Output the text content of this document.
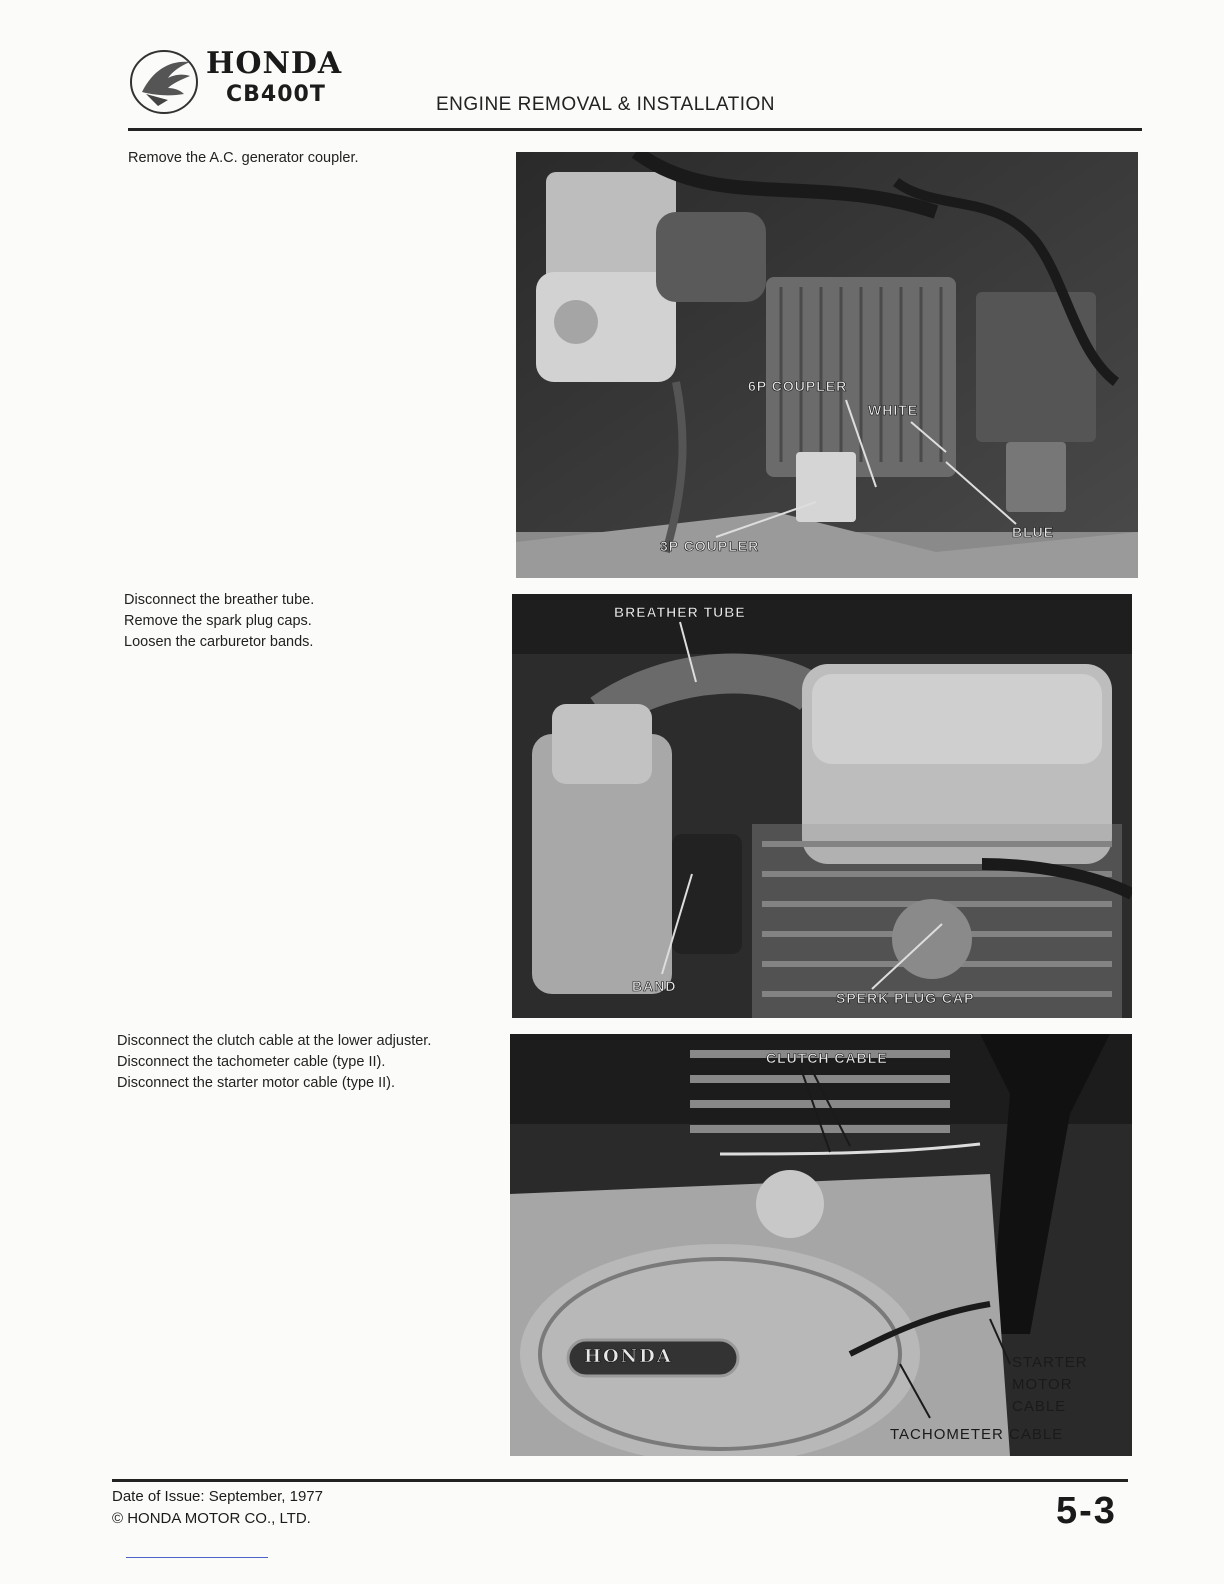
HONDA
CB400T	ENGINE REMOVAL & INSTALLATION
Remove the A.C. generator coupler.
Disconnect the breather tube.
Remove the spark plug caps.
Loosen the carburetor bands.
Disconnect the clutch cable at the lower adjuster.
Disconnect the tachometer cable (type II).
Disconnect the starter motor cable (type II).
6P COUPLER
WHITE
BLUE
3P COUPLER
BREATHER TUBE
BAND
SPERK PLUG CAP
CLUTCH CABLE
HONDA	STARTER
MOTOR
CABLE
TACHOMETER CABLE
Date of Issue: September, 1977
© HONDA MOTOR CO., LTD.	5-3
